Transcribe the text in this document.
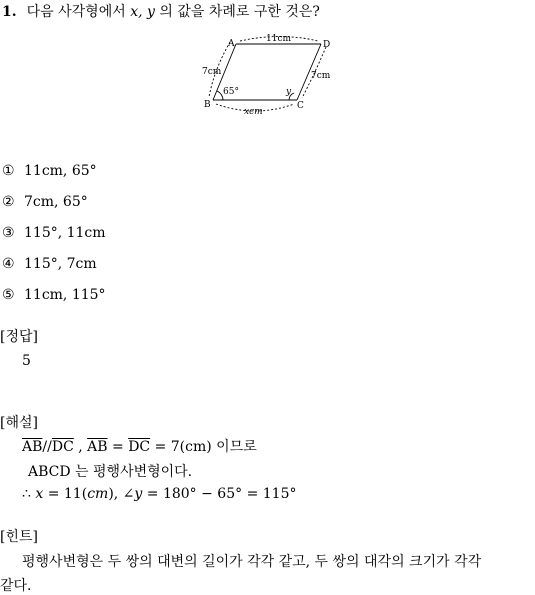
1. 다음 사각형에서 x, y 의 값을 차례로 구한 것은?
A
B	C
D
11cm
7cm	7cm
xcm
65°	y
① 11cm, 65°
② 7cm, 65°
③ 115°, 11cm
④ 115°, 7cm
⑤ 11cm, 115°
[정답]
5
[해설]
$\overline{AB}//\overline{DC}$ , $\overline{AB} = \overline{DC} = 7(cm)$ 이므로
ABCD 는 평행사변형이다.
∴ x = 11(cm), ∠y = 180° − 65° = 115°
[힌트]
평행사변형은 두 쌍의 대변의 길이가 각각 같고, 두 쌍의 대각의 크기가 각각
같다.
